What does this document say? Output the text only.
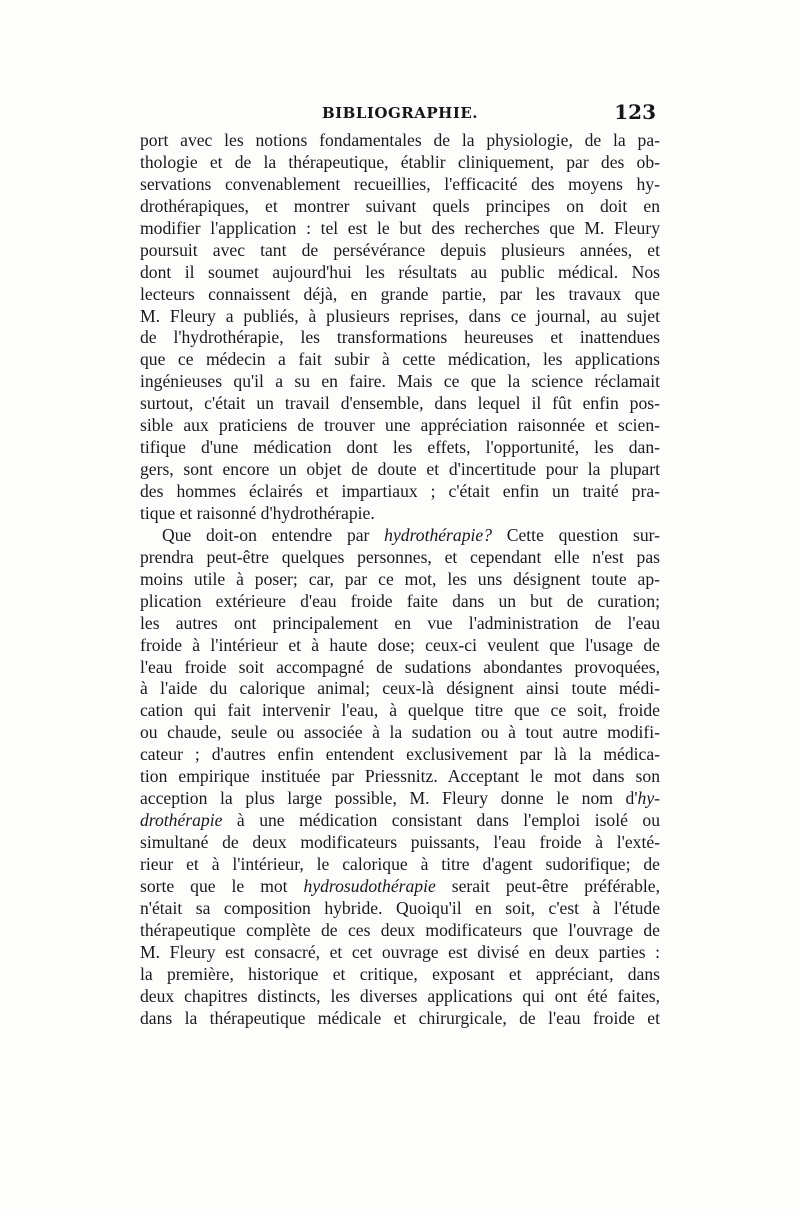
BIBLIOGRAPHIE.	123
port avec les notions fondamentales de la physiologie, de la pa-
thologie et de la thérapeutique, établir cliniquement, par des ob-
servations convenablement recueillies, l'efficacité des moyens hy-
drothérapiques, et montrer suivant quels principes on doit en
modifier l'application : tel est le but des recherches que M. Fleury
poursuit avec tant de persévérance depuis plusieurs années, et
dont il soumet aujourd'hui les résultats au public médical. Nos
lecteurs connaissent déjà, en grande partie, par les travaux que
M. Fleury a publiés, à plusieurs reprises, dans ce journal, au sujet
de l'hydrothérapie, les transformations heureuses et inattendues
que ce médecin a fait subir à cette médication, les applications
ingénieuses qu'il a su en faire. Mais ce que la science réclamait
surtout, c'était un travail d'ensemble, dans lequel il fût enfin pos-
sible aux praticiens de trouver une appréciation raisonnée et scien-
tifique d'une médication dont les effets, l'opportunité, les dan-
gers, sont encore un objet de doute et d'incertitude pour la plupart
des hommes éclairés et impartiaux ; c'était enfin un traité pra-
tique et raisonné d'hydrothérapie.
Que doit-on entendre par hydrothérapie? Cette question sur-
prendra peut-être quelques personnes, et cependant elle n'est pas
moins utile à poser; car, par ce mot, les uns désignent toute ap-
plication extérieure d'eau froide faite dans un but de curation;
les autres ont principalement en vue l'administration de l'eau
froide à l'intérieur et à haute dose; ceux-ci veulent que l'usage de
l'eau froide soit accompagné de sudations abondantes provoquées,
à l'aide du calorique animal; ceux-là désignent ainsi toute médi-
cation qui fait intervenir l'eau, à quelque titre que ce soit, froide
ou chaude, seule ou associée à la sudation ou à tout autre modifi-
cateur ; d'autres enfin entendent exclusivement par là la médica-
tion empirique instituée par Priessnitz. Acceptant le mot dans son
acception la plus large possible, M. Fleury donne le nom d'hy-
drothérapie à une médication consistant dans l'emploi isolé ou
simultané de deux modificateurs puissants, l'eau froide à l'exté-
rieur et à l'intérieur, le calorique à titre d'agent sudorifique; de
sorte que le mot hydrosudothérapie serait peut-être préférable,
n'était sa composition hybride. Quoiqu'il en soit, c'est à l'étude
thérapeutique complète de ces deux modificateurs que l'ouvrage de
M. Fleury est consacré, et cet ouvrage est divisé en deux parties :
la première, historique et critique, exposant et appréciant, dans
deux chapitres distincts, les diverses applications qui ont été faites,
dans la thérapeutique médicale et chirurgicale, de l'eau froide et
